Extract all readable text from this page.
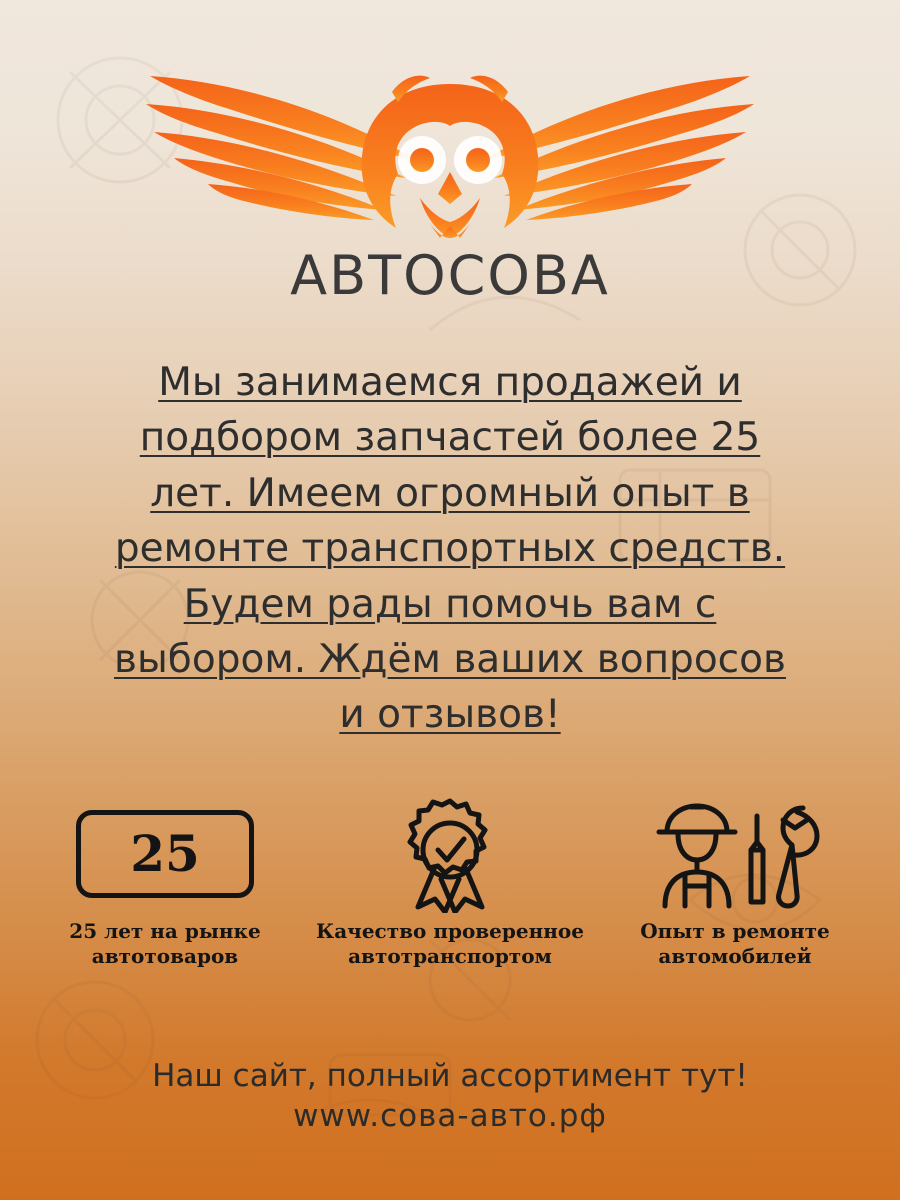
АВТОСОВА
Мы занимаемся продажей и подбором запчастей более 25 лет. Имеем огромный опыт в ремонте транспортных средств. Будем рады помочь вам с выбором. Ждём ваших вопросов и отзывов!
25
25 лет на рынке автотоваров
Качество проверенное автотранспортом
Опыт в ремонте автомобилей
Наш сайт, полный ассортимент тут!
www.сова-авто.рф
